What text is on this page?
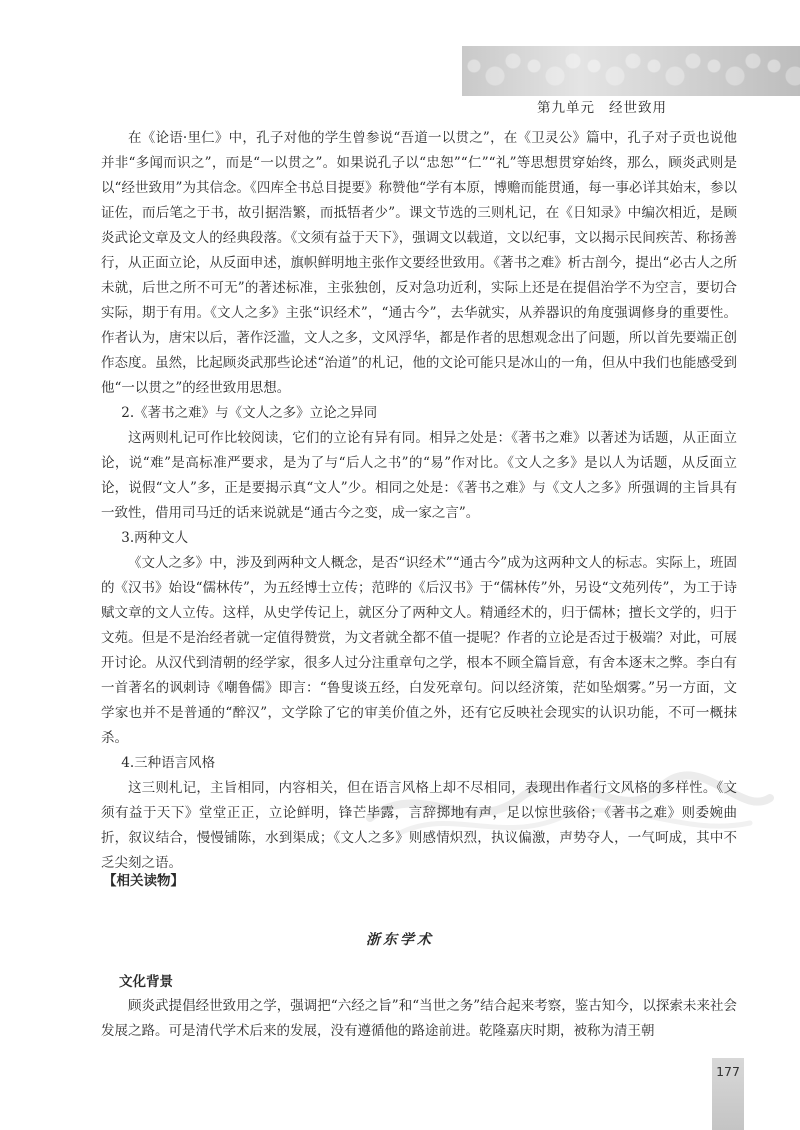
第九单元 经世致用

在《论语·里仁》中，孔子对他的学生曾参说“吾道一以贯之”，在《卫灵公》篇中，孔子对子贡也说他并非“多闻而识之”，而是“一以贯之”。如果说孔子以“忠恕”“仁”“礼”等思想贯穿始终，那么，顾炎武则是以“经世致用”为其信念。《四库全书总目提要》称赞他“学有本原，博赡而能贯通，每一事必详其始末，参以证佐，而后笔之于书，故引据浩繁，而抵牾者少”。课文节选的三则札记，在《日知录》中编次相近，是顾炎武论文章及文人的经典段落。《文须有益于天下》，强调文以载道，文以纪事，文以揭示民间疾苦、称扬善行，从正面立论，从反面申述，旗帜鲜明地主张作文要经世致用。《著书之难》析古剖今，提出“必古人之所未就，后世之所不可无”的著述标准，主张独创，反对急功近利，实际上还是在提倡治学不为空言，要切合实际，期于有用。《文人之多》主张“识经术”，“通古今”，去华就实，从养器识的角度强调修身的重要性。作者认为，唐宋以后，著作泛滥，文人之多，文风浮华，都是作者的思想观念出了问题，所以首先要端正创作态度。虽然，比起顾炎武那些论述“治道”的札记，他的文论可能只是冰山的一角，但从中我们也能感受到他“一以贯之”的经世致用思想。

2.《著书之难》与《文人之多》立论之异同

这两则札记可作比较阅读，它们的立论有异有同。相异之处是：《著书之难》以著述为话题，从正面立论，说“难”是高标准严要求，是为了与“后人之书”的“易”作对比。《文人之多》是以人为话题，从反面立论，说假“文人”多，正是要揭示真“文人”少。相同之处是：《著书之难》与《文人之多》所强调的主旨具有一致性，借用司马迁的话来说就是“通古今之变，成一家之言”。

3.两种文人

《文人之多》中，涉及到两种文人概念，是否“识经术”“通古今”成为这两种文人的标志。实际上，班固的《汉书》始设“儒林传”，为五经博士立传；范晔的《后汉书》于“儒林传”外，另设“文苑列传”，为工于诗赋文章的文人立传。这样，从史学传记上，就区分了两种文人。精通经术的，归于儒林；擅长文学的，归于文苑。但是不是治经者就一定值得赞赏，为文者就全都不值一提呢？作者的立论是否过于极端？对此，可展开讨论。从汉代到清朝的经学家，很多人过分注重章句之学，根本不顾全篇旨意，有舍本逐末之弊。李白有一首著名的讽刺诗《嘲鲁儒》即言：“鲁叟谈五经，白发死章句。问以经济策，茫如坠烟雾。”另一方面，文学家也并不是普通的“醉汉”，文学除了它的审美价值之外，还有它反映社会现实的认识功能，不可一概抹杀。

4.三种语言风格

这三则札记，主旨相同，内容相关，但在语言风格上却不尽相同，表现出作者行文风格的多样性。《文须有益于天下》堂堂正正，立论鲜明，锋芒毕露，言辞掷地有声，足以惊世骇俗；《著书之难》则委婉曲折，叙议结合，慢慢铺陈，水到渠成；《文人之多》则感情炽烈，执议偏激，声势夺人，一气呵成，其中不乏尖刻之语。

【相关读物】
浙东学术
文化背景

顾炎武提倡经世致用之学，强调把“六经之旨”和“当世之务”结合起来考察，鉴古知今，以探索未来社会发展之路。可是清代学术后来的发展，没有遵循他的路途前进。乾隆嘉庆时期，被称为清王朝

177
